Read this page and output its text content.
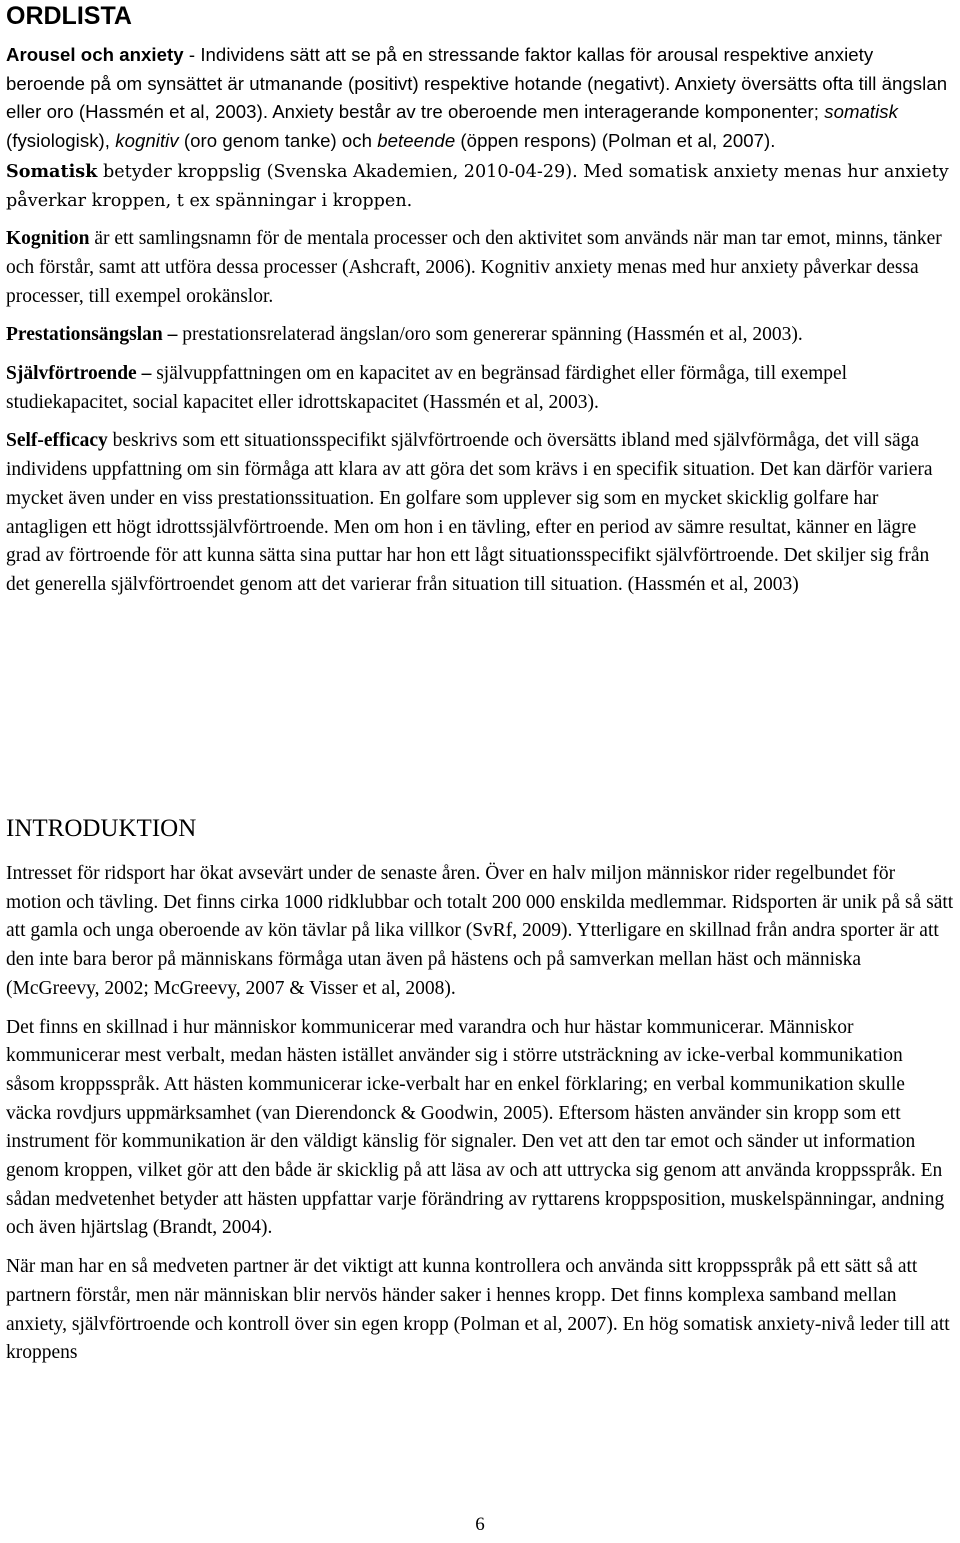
ORDLISTA

Arousel och anxiety - Individens sätt att se på en stressande faktor kallas för arousal respektive anxiety beroende på om synsättet är utmanande (positivt) respektive hotande (negativt). Anxiety översätts ofta till ängslan eller oro (Hassmén et al, 2003). Anxiety består av tre oberoende men interagerande komponenter; somatisk (fysiologisk), kognitiv (oro genom tanke) och beteende (öppen respons) (Polman et al, 2007).

Somatisk betyder kroppslig (Svenska Akademien, 2010-04-29). Med somatisk anxiety menas hur anxiety påverkar kroppen, t ex spänningar i kroppen.

Kognition är ett samlingsnamn för de mentala processer och den aktivitet som används när man tar emot, minns, tänker och förstår, samt att utföra dessa processer (Ashcraft, 2006). Kognitiv anxiety menas med hur anxiety påverkar dessa processer, till exempel orokänslor.

Prestationsängslan – prestationsrelaterad ängslan/oro som genererar spänning (Hassmén et al, 2003).

Självförtroende – självuppfattningen om en kapacitet av en begränsad färdighet eller förmåga, till exempel studiekapacitet, social kapacitet eller idrottskapacitet (Hassmén et al, 2003).

Self-efficacy beskrivs som ett situationsspecifikt självförtroende och översätts ibland med självförmåga, det vill säga individens uppfattning om sin förmåga att klara av att göra det som krävs i en specifik situation. Det kan därför variera mycket även under en viss prestationssituation. En golfare som upplever sig som en mycket skicklig golfare har antagligen ett högt idrottssjälvförtroende. Men om hon i en tävling, efter en period av sämre resultat, känner en lägre grad av förtroende för att kunna sätta sina puttar har hon ett lågt situationsspecifikt självförtroende. Det skiljer sig från det generella självförtroendet genom att det varierar från situation till situation. (Hassmén et al, 2003)

INTRODUKTION

Intresset för ridsport har ökat avsevärt under de senaste åren. Över en halv miljon människor rider regelbundet för motion och tävling. Det finns cirka 1000 ridklubbar och totalt 200 000 enskilda medlemmar. Ridsporten är unik på så sätt att gamla och unga oberoende av kön tävlar på lika villkor (SvRf, 2009). Ytterligare en skillnad från andra sporter är att den inte bara beror på människans förmåga utan även på hästens och på samverkan mellan häst och människa (McGreevy, 2002; McGreevy, 2007 & Visser et al, 2008).

Det finns en skillnad i hur människor kommunicerar med varandra och hur hästar kommunicerar. Människor kommunicerar mest verbalt, medan hästen istället använder sig i större utsträckning av icke-verbal kommunikation såsom kroppsspråk. Att hästen kommunicerar icke-verbalt har en enkel förklaring; en verbal kommunikation skulle väcka rovdjurs uppmärksamhet (van Dierendonck & Goodwin, 2005). Eftersom hästen använder sin kropp som ett instrument för kommunikation är den väldigt känslig för signaler. Den vet att den tar emot och sänder ut information genom kroppen, vilket gör att den både är skicklig på att läsa av och att uttrycka sig genom att använda kroppsspråk. En sådan medvetenhet betyder att hästen uppfattar varje förändring av ryttarens kroppsposition, muskelspänningar, andning och även hjärtslag (Brandt, 2004).

När man har en så medveten partner är det viktigt att kunna kontrollera och använda sitt kroppsspråk på ett sätt så att partnern förstår, men när människan blir nervös händer saker i hennes kropp. Det finns komplexa samband mellan anxiety, självförtroende och kontroll över sin egen kropp (Polman et al, 2007). En hög somatisk anxiety-nivå leder till att kroppens

6
